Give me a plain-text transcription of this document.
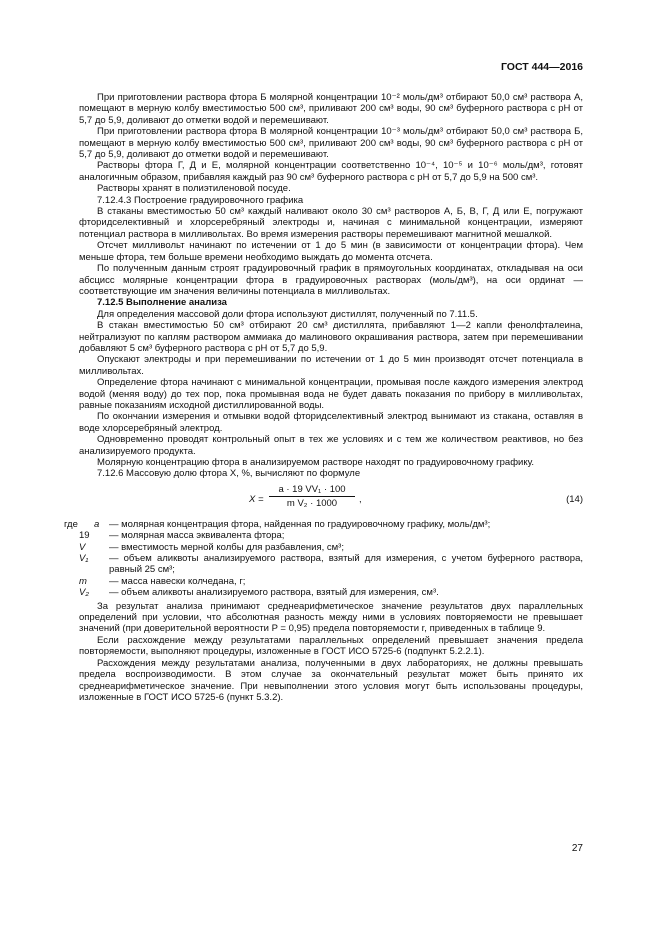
ГОСТ 444—2016

При приготовлении раствора фтора Б молярной концентрации 10⁻² моль/дм³ отбирают 50,0 см³ раствора А, помещают в мерную колбу вместимостью 500 см³, приливают 200 см³ воды, 90 см³ буферного раствора с рН от 5,7 до 5,9, доливают до отметки водой и перемешивают.

При приготовлении раствора фтора В молярной концентрации 10⁻³ моль/дм³ отбирают 50,0 см³ раствора Б, помещают в мерную колбу вместимостью 500 см³, приливают 200 см³ воды, 90 см³ буферного раствора с рН от 5,7 до 5,9, доливают до отметки водой и перемешивают.

Растворы фтора Г, Д и Е, молярной концентрации соответственно 10⁻⁴, 10⁻⁵ и 10⁻⁶ моль/дм³, готовят аналогичным образом, прибавляя каждый раз 90 см³ буферного раствора с рН от 5,7 до 5,9 на 500 см³.

Растворы хранят в полиэтиленовой посуде.

7.12.4.3 Построение градуировочного графика

В стаканы вместимостью 50 см³ каждый наливают около 30 см³ растворов А, Б, В, Г, Д или Е, погружают фторидселективный и хлорсеребряный электроды и, начиная с минимальной концентрации, измеряют потенциал раствора в милливольтах. Во время измерения растворы перемешивают магнитной мешалкой.

Отсчет милливольт начинают по истечении от 1 до 5 мин (в зависимости от концентрации фтора). Чем меньше фтора, тем больше времени необходимо выждать до момента отсчета.

По полученным данным строят градуировочный график в прямоугольных координатах, откладывая на оси абсцисс молярные концентрации фтора в градуировочных растворах (моль/дм³), на оси ординат — соответствующие им значения величины потенциала в милливольтах.

7.12.5 Выполнение анализа

Для определения массовой доли фтора используют дистиллят, полученный по 7.11.5.

В стакан вместимостью 50 см³ отбирают 20 см³ дистиллята, прибавляют 1—2 капли фенолфталеина, нейтрализуют по каплям раствором аммиака до малинового окрашивания раствора, затем при перемешивании добавляют 5 см³ буферного раствора с рН от 5,7 до 5,9.

Опускают электроды и при перемешивании по истечении от 1 до 5 мин производят отсчет потенциала в милливольтах.

Определение фтора начинают с минимальной концентрации, промывая после каждого измерения электрод водой (меняя воду) до тех пор, пока промывная вода не будет давать показания по прибору в милливольтах, равные показаниям исходной дистиллированной воды.

По окончании измерения и отмывки водой фторидселективный электрод вынимают из стакана, оставляя в воде хлорсеребряный электрод.

Одновременно проводят контрольный опыт в тех же условиях и с тем же количеством реактивов, но без анализируемого продукта.

Молярную концентрацию фтора в анализируемом растворе находят по градуировочному графику.

7.12.6 Массовую долю фтора X, %, вычисляют по формуле

$X = \frac{\text{a · 19 VV₁ · 100}}{\text{m V₂ · 1000}}$ ,	(14)
где	a	— молярная концентрация фтора, найденная по градуировочному графику, моль/дм³;
19	— молярная масса эквивалента фтора;
V	— вместимость мерной колбы для разбавления, см³;
V₁	— объем аликвоты анализируемого раствора, взятый для измерения, с учетом буферного раствора, равный 25 см³;
m	— масса навески колчедана, г;
V₂	— объем аликвоты анализируемого раствора, взятый для измерения, см³.

За результат анализа принимают среднеарифметическое значение результатов двух параллельных определений при условии, что абсолютная разность между ними в условиях повторяемости не превышает значений (при доверительной вероятности P = 0,95) предела повторяемости r, приведенных в таблице 9.

Если расхождение между результатами параллельных определений превышает значения предела повторяемости, выполняют процедуры, изложенные в ГОСТ ИСО 5725-6 (подпункт 5.2.2.1).

Расхождения между результатами анализа, полученными в двух лабораториях, не должны превышать предела воспроизводимости. В этом случае за окончательный результат может быть принято их среднеарифметическое значение. При невыполнении этого условия могут быть использованы процедуры, изложенные в ГОСТ ИСО 5725-6 (пункт 5.3.2).

27
